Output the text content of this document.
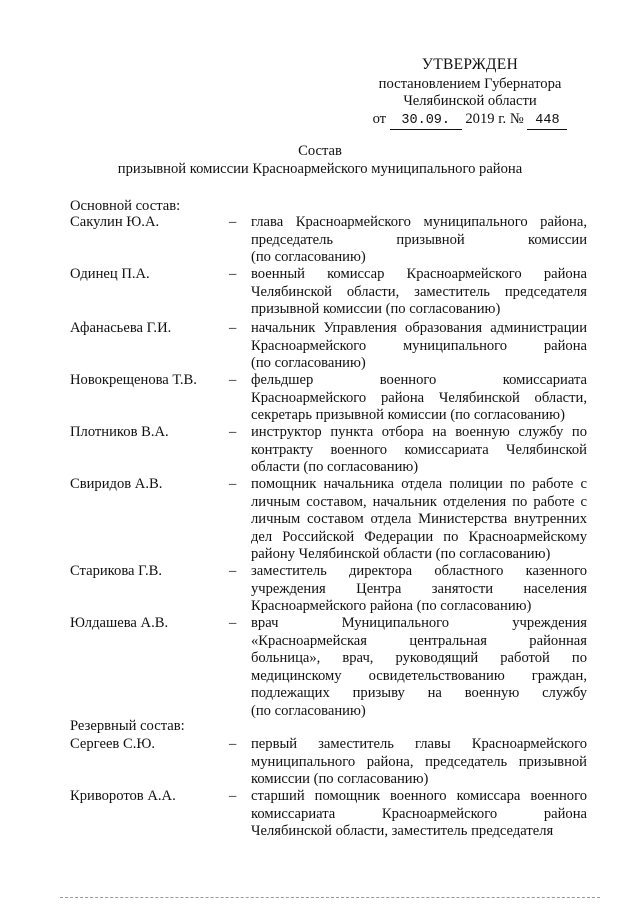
УТВЕРЖДЕН
постановлением Губернатора
Челябинской области
от 30.09. 2019 г. № 448
Состав
призывной комиссии Красноармейского муниципального района
Основной состав:
Сакулин Ю.А.	– глава Красноармейского муниципального района,
председатель призывной комиссии
(по согласованию)
Одинец П.А.	– военный комиссар Красноармейского района
Челябинской области, заместитель председателя
призывной комиссии (по согласованию)
Афанасьева Г.И.	– начальник Управления образования администрации
Красноармейского муниципального района
(по согласованию)
Новокрещенова Т.В. – фельдшер военного комиссариата
Красноармейского района Челябинской области,
секретарь призывной комиссии (по согласованию)
Плотников В.А.	– инструктор пункта отбора на военную службу по
контракту военного комиссариата Челябинской
области (по согласованию)
Свиридов А.В.	– помощник начальника отдела полиции по работе с
личным составом, начальник отделения по работе с
личным составом отдела Министерства внутренних
дел Российской Федерации по Красноармейскому
району Челябинской области (по согласованию)
Старикова Г.В.	– заместитель директора областного казенного
учреждения Центра занятости населения
Красноармейского района (по согласованию)
Юлдашева А.В.	– врач Муниципального учреждения
«Красноармейская центральная районная
больница», врач, руководящий работой по
медицинскому освидетельствованию граждан,
подлежащих призыву на военную службу
(по согласованию)
Резервный состав:
Сергеев С.Ю.	– первый заместитель главы Красноармейского
муниципального района, председатель призывной
комиссии (по согласованию)
Криворотов А.А.	– старший помощник военного комиссара военного
комиссариата Красноармейского района
Челябинской области, заместитель председателя
